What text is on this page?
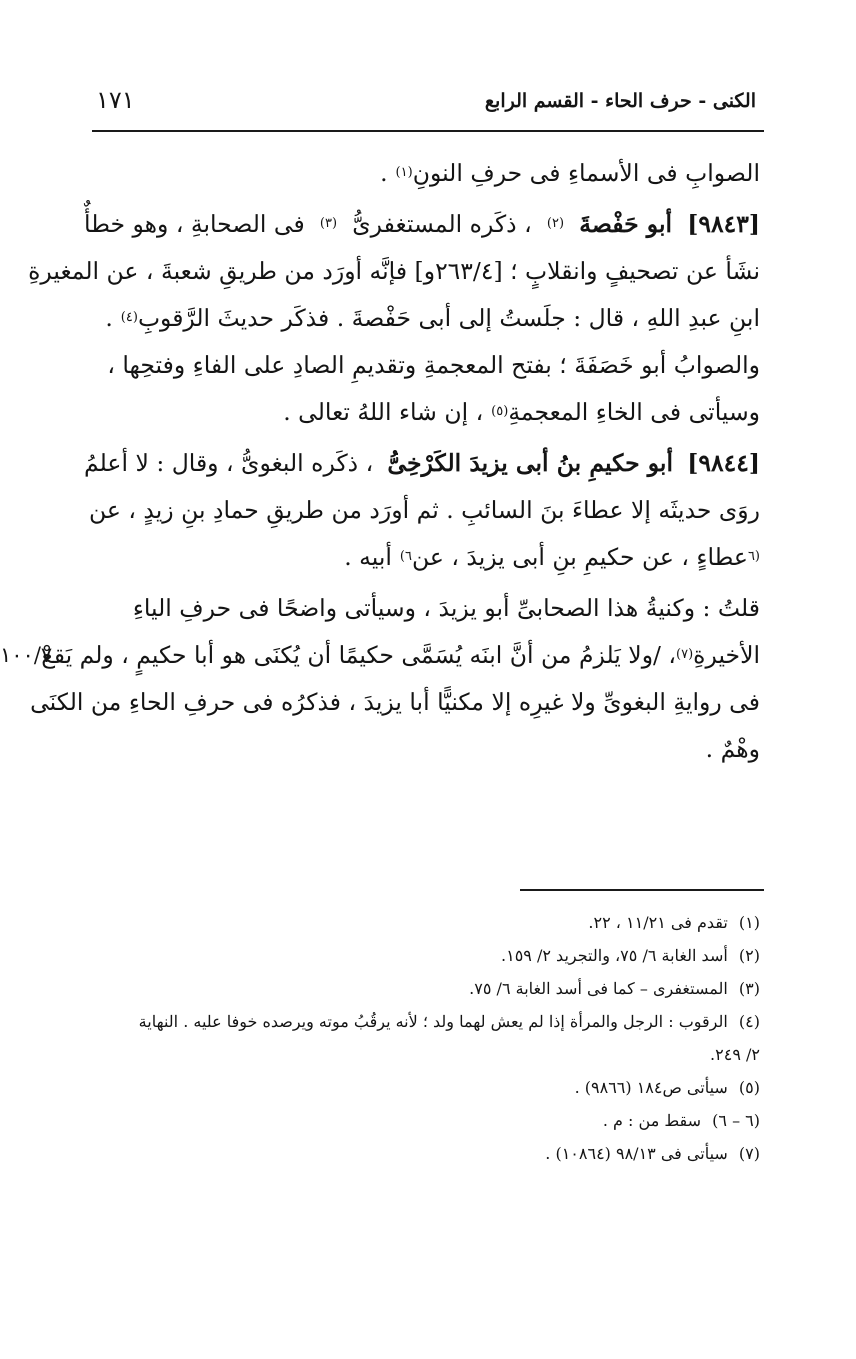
١٧١	الكنى - حرف الحاء - القسم الرابع
الصوابِ فى الأسماءِ فى حرفِ النونِ
(١)
.
[٩٨٤٣]
أبو حَفْصةَ
(٢)
، ذكَره المستغفرىُّ
(٣)
فى الصحابةِ ، وهو خطأٌ
نشَأ عن تصحيفٍ وانقلابٍ ؛ [٢٦٣/٤و] فإنَّه أورَد من طريقِ شعبةَ ، عن المغيرةِ
ابنِ عبدِ اللهِ ، قال : جلَستُ إلى أبى حَفْصةَ . فذكَر حديثَ الرَّقوبِ
(٤)
.
والصوابُ أبو خَصَفَةَ ؛ بفتح المعجمةِ وتقديمِ الصادِ على الفاءِ وفتحِها ،
وسيأتى فى الخاءِ المعجمةِ
(٥)
، إن شاء اللهُ تعالى .
[٩٨٤٤]
أبو حكيمِ بنُ أبى يزيدَ الكَرْخِىُّ
، ذكَره البغوىُّ ، وقال : لا أعلمُ
روَى حديثَه إلا عطاءَ بنَ السائبِ . ثم أورَد من طريقِ حمادِ بنِ زيدٍ ، عن
(٦
عطاءٍ ، عن حكيمِ بنِ أبى يزيدَ ، عن
٦)
أبيه .
قلتُ : وكنيةُ هذا الصحابىِّ أبو يزيدَ ، وسيأتى واضحًا فى حرفِ الياءِ
الأخيرةِ
(٧)
، /ولا يَلزمُ من أنَّ ابنَه يُسَمَّى حكيمًا أن يُكنَى هو أبا حكيمٍ ، ولم يَقعْ
١٠٠/٧
فى روايةِ البغوىِّ ولا غيرِه إلا مكنيًّا أبا يزيدَ ، فذكرُه فى حرفِ الحاءِ من الكنَى
وهْمٌ .
(١) تقدم فى ١١/٢١ ، ٢٢.
(٢) أسد الغابة ٦/ ٧٥، والتجريد ٢/ ١٥٩.
(٣) المستغفرى – كما فى أسد الغابة ٦/ ٧٥.
(٤) الرقوب : الرجل والمرأة إذا لم يعش لهما ولد ؛ لأنه يرقُبُ موته ويرصده خوفا عليه . النهاية
٢/ ٢٤٩.
(٥) سيأتى ص١٨٤ (٩٨٦٦) .
(٦ – ٦) سقط من : م .
(٧) سيأتى فى ٩٨/١٣ (١٠٨٦٤) .
